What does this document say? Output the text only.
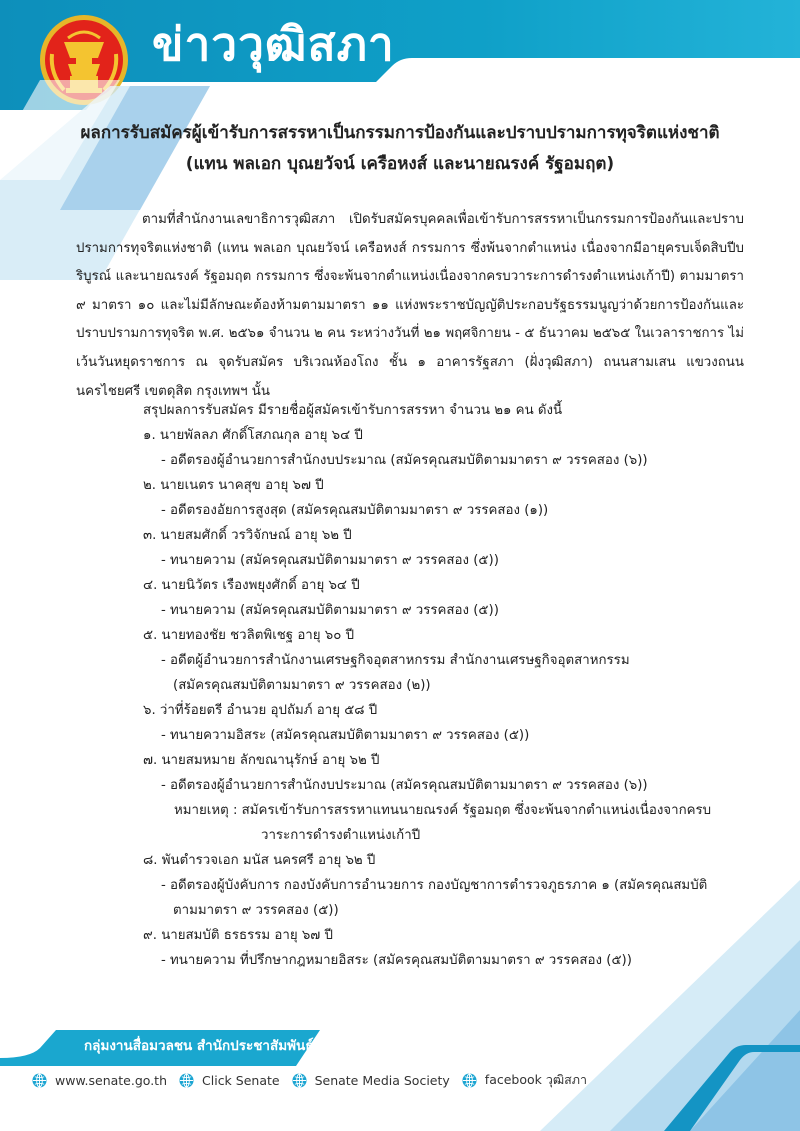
ข่าววุฒิสภา
ผลการรับสมัครผู้เข้ารับการสรรหาเป็นกรรมการป้องกันและปราบปรามการทุจริตแห่งชาติ
(แทน พลเอก บุณยวัจน์ เครือหงส์ และนายณรงค์ รัฐอมฤต)
ตามที่สำนักงานเลขาธิการวุฒิสภา เปิดรับสมัครบุคคลเพื่อเข้ารับการสรรหาเป็นกรรมการป้องกันและปราบปรามการทุจริตแห่งชาติ (แทน พลเอก บุณยวัจน์ เครือหงส์ กรรมการ ซึ่งพ้นจากตำแหน่ง เนื่องจากมีอายุครบเจ็ดสิบปีบริบูรณ์ และนายณรงค์ รัฐอมฤต กรรมการ ซึ่งจะพ้นจากตำแหน่งเนื่องจากครบวาระการดำรงตำแหน่งเก้าปี) ตามมาตรา ๙ มาตรา ๑๐ และไม่มีลักษณะต้องห้ามตามมาตรา ๑๑ แห่งพระราชบัญญัติประกอบรัฐธรรมนูญว่าด้วยการป้องกันและปราบปรามการทุจริต พ.ศ. ๒๕๖๑ จำนวน ๒ คน ระหว่างวันที่ ๒๑ พฤศจิกายน - ๕ ธันวาคม ๒๕๖๕ ในเวลาราชการ ไม่เว้นวันหยุดราชการ ณ จุดรับสมัคร บริเวณห้องโถง ชั้น ๑ อาคารรัฐสภา (ฝั่งวุฒิสภา) ถนนสามเสน แขวงถนนนครไชยศรี เขตดุสิต กรุงเทพฯ นั้น
สรุปผลการรับสมัคร มีรายชื่อผู้สมัครเข้ารับการสรรหา จำนวน ๒๑ คน ดังนี้

๑. นายพัลลภ ศักดิ์โสภณกุล อายุ ๖๔ ปี

- อดีตรองผู้อำนวยการสำนักงบประมาณ (สมัครคุณสมบัติตามมาตรา ๙ วรรคสอง (๖))

๒. นายเนตร นาคสุข อายุ ๖๗ ปี

- อดีตรองอัยการสูงสุด (สมัครคุณสมบัติตามมาตรา ๙ วรรคสอง (๑))

๓. นายสมศักดิ์ วรวิจักษณ์ อายุ ๖๒ ปี

- ทนายความ (สมัครคุณสมบัติตามมาตรา ๙ วรรคสอง (๕))

๔. นายนิวัตร เรืองพยุงศักดิ์ อายุ ๖๔ ปี

- ทนายความ (สมัครคุณสมบัติตามมาตรา ๙ วรรคสอง (๕))

๕. นายทองชัย ชวลิตพิเชฐ อายุ ๖๐ ปี

- อดีตผู้อำนวยการสำนักงานเศรษฐกิจอุตสาหกรรม สำนักงานเศรษฐกิจอุตสาหกรรม

(สมัครคุณสมบัติตามมาตรา ๙ วรรคสอง (๒))

๖. ว่าที่ร้อยตรี อำนวย อุปถัมภ์ อายุ ๕๘ ปี

- ทนายความอิสระ (สมัครคุณสมบัติตามมาตรา ๙ วรรคสอง (๕))

๗. นายสมหมาย ลักขณานุรักษ์ อายุ ๖๒ ปี

- อดีตรองผู้อำนวยการสำนักงบประมาณ (สมัครคุณสมบัติตามมาตรา ๙ วรรคสอง (๖))

หมายเหตุ : สมัครเข้ารับการสรรหาแทนนายณรงค์ รัฐอมฤต ซึ่งจะพ้นจากตำแหน่งเนื่องจากครบ

วาระการดำรงตำแหน่งเก้าปี

๘. พันตำรวจเอก มนัส นครศรี อายุ ๖๒ ปี

- อดีตรองผู้บังคับการ กองบังคับการอำนวยการ กองบัญชาการตำรวจภูธรภาค ๑ (สมัครคุณสมบัติ

ตามมาตรา ๙ วรรคสอง (๕))

๙. นายสมบัติ ธรธรรม อายุ ๖๗ ปี

- ทนายความ ที่ปรึกษากฎหมายอิสระ (สมัครคุณสมบัติตามมาตรา ๙ วรรคสอง (๕))

กลุ่มงานสื่อมวลชน สำนักประชาสัมพันธ์ โทร. 0 2831 9464
www.senate.go.th	Click Senate	Senate Media Society	facebook วุฒิสภา
